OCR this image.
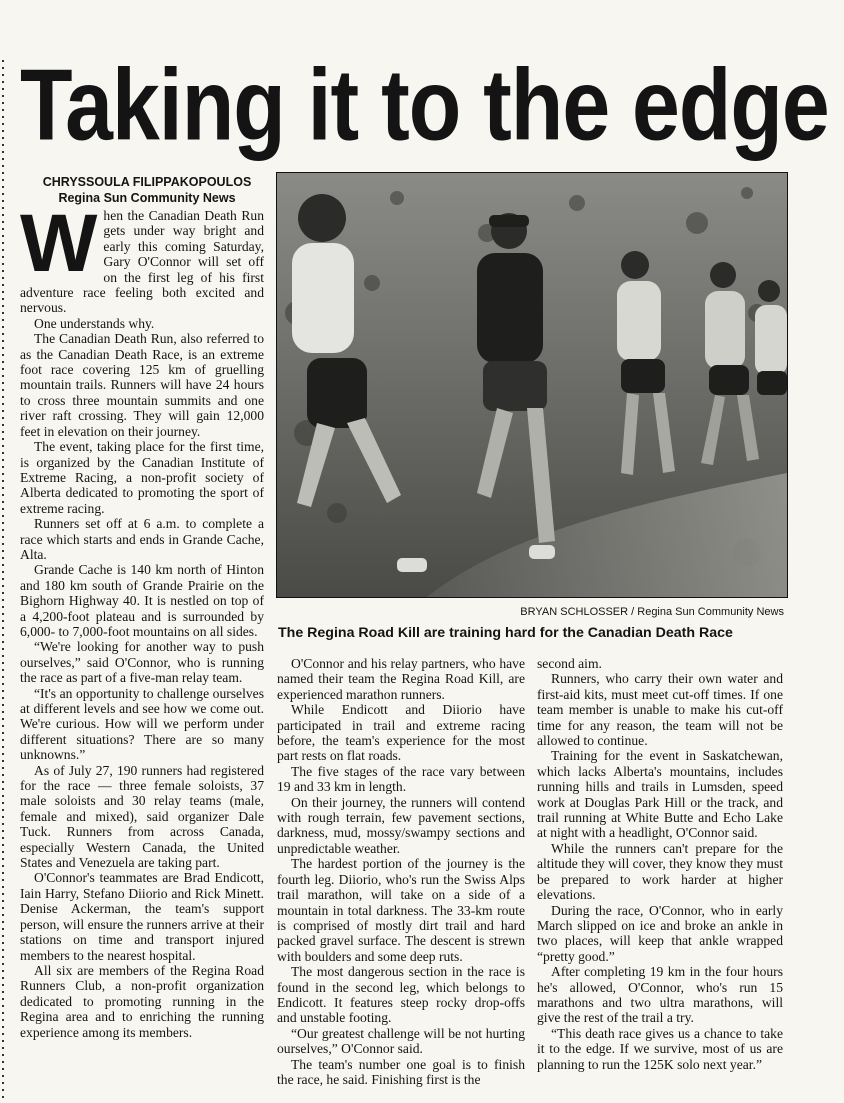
Taking it to the edge
CHRYSSOULA FILIPPAKOPOULOS
Regina Sun Community News
W hen the Canadian Death Run gets under way bright and early this coming Saturday, Gary O'Connor will set off on the first leg of his first adventure race feeling both excited and nervous.

One understands why.

The Canadian Death Run, also referred to as the Canadian Death Race, is an extreme foot race covering 125 km of gruelling mountain trails. Runners will have 24 hours to cross three mountain summits and one river raft crossing. They will gain 12,000 feet in elevation on their journey.

The event, taking place for the first time, is organized by the Canadian Institute of Extreme Racing, a non-profit society of Alberta dedicated to promoting the sport of extreme racing.

Runners set off at 6 a.m. to complete a race which starts and ends in Grande Cache, Alta.

Grande Cache is 140 km north of Hinton and 180 km south of Grande Prairie on the Bighorn Highway 40. It is nestled on top of a 4,200-foot plateau and is surrounded by 6,000- to 7,000-foot mountains on all sides.

“We're looking for another way to push ourselves,” said O'Connor, who is running the race as part of a five-man relay team.

“It's an opportunity to challenge ourselves at different levels and see how we come out. We're curious. How will we perform under different situations? There are so many unknowns.”

As of July 27, 190 runners had registered for the race — three female soloists, 37 male soloists and 30 relay teams (male, female and mixed), said organizer Dale Tuck. Runners from across Canada, especially Western Canada, the United States and Venezuela are taking part.

O'Connor's teammates are Brad Endicott, Iain Harry, Stefano Diiorio and Rick Minett. Denise Ackerman, the team's support person, will ensure the runners arrive at their stations on time and transport injured members to the nearest hospital.

All six are members of the Regina Road Runners Club, a non-profit organization dedicated to promoting running in the Regina area and to enriching the running experience among its members.

BRYAN SCHLOSSER / Regina Sun Community News
The Regina Road Kill are training hard for the Canadian Death Race

O'Connor and his relay partners, who have named their team the Regina Road Kill, are experienced marathon runners.

While Endicott and Diiorio have participated in trail and extreme racing before, the team's experience for the most part rests on flat roads.

The five stages of the race vary between 19 and 33 km in length.

On their journey, the runners will contend with rough terrain, few pavement sections, darkness, mud, mossy/swampy sections and unpredictable weather.

The hardest portion of the journey is the fourth leg. Diiorio, who's run the Swiss Alps trail marathon, will take on a side of a mountain in total darkness. The 33-km route is comprised of mostly dirt trail and hard packed gravel surface. The descent is strewn with boulders and some deep ruts.

The most dangerous section in the race is found in the second leg, which belongs to Endicott. It features steep rocky drop-offs and unstable footing.

“Our greatest challenge will be not hurting ourselves,” O'Connor said.

The team's number one goal is to finish the race, he said. Finishing first is the

second aim.

Runners, who carry their own water and first-aid kits, must meet cut-off times. If one team member is unable to make his cut-off time for any reason, the team will not be allowed to continue.

Training for the event in Saskatchewan, which lacks Alberta's mountains, includes running hills and trails in Lumsden, speed work at Douglas Park Hill or the track, and trail running at White Butte and Echo Lake at night with a headlight, O'Connor said.

While the runners can't prepare for the altitude they will cover, they know they must be prepared to work harder at higher elevations.

During the race, O'Connor, who in early March slipped on ice and broke an ankle in two places, will keep that ankle wrapped “pretty good.”

After completing 19 km in the four hours he's allowed, O'Connor, who's run 15 marathons and two ultra marathons, will give the rest of the trail a try.

“This death race gives us a chance to take it to the edge. If we survive, most of us are planning to run the 125K solo next year.”
